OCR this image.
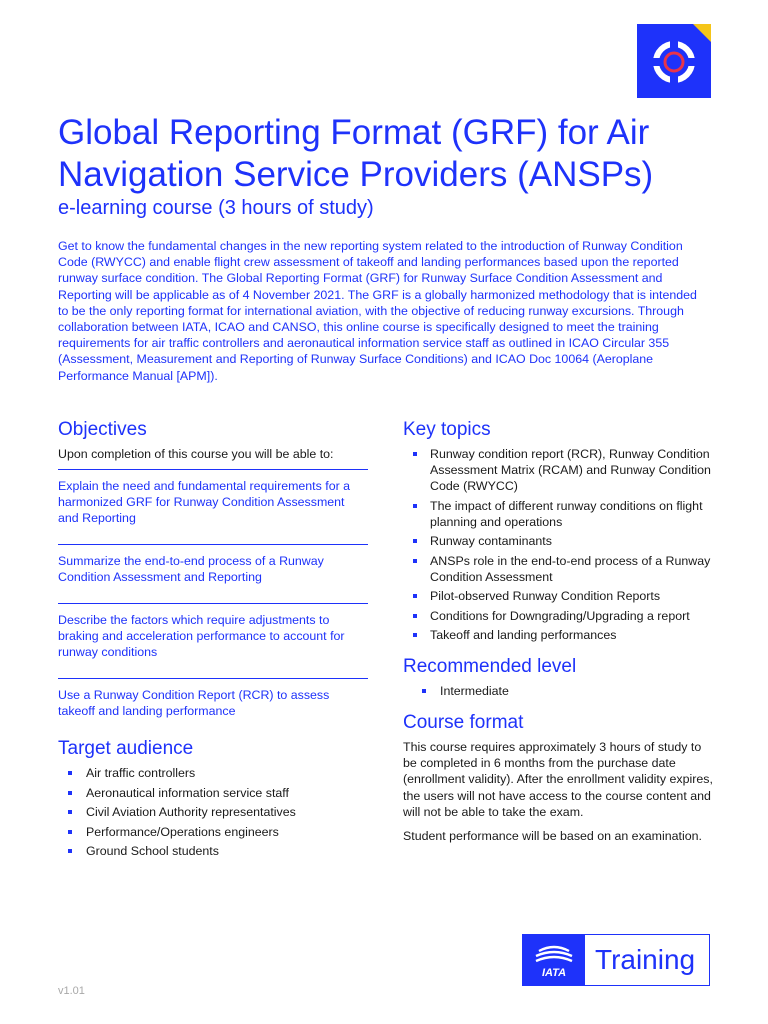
Global Reporting Format (GRF) for Air Navigation Service Providers (ANSPs)
e-learning course (3 hours of study)

Get to know the fundamental changes in the new reporting system related to the introduction of Runway Condition Code (RWYCC) and enable flight crew assessment of takeoff and landing performances based upon the reported runway surface condition. The Global Reporting Format (GRF) for Runway Surface Condition Assessment and Reporting will be applicable as of 4 November 2021. The GRF is a globally harmonized methodology that is intended to be the only reporting format for international aviation, with the objective of reducing runway excursions. Through collaboration between IATA, ICAO and CANSO, this online course is specifically designed to meet the training requirements for air traffic controllers and aeronautical information service staff as outlined in ICAO Circular 355 (Assessment, Measurement and Reporting of Runway Surface Conditions) and ICAO Doc 10064 (Aeroplane Performance Manual [APM]).

Objectives

Upon completion of this course you will be able to:

Explain the need and fundamental requirements for a harmonized GRF for Runway Condition Assessment and Reporting
Summarize the end-to-end process of a Runway Condition Assessment and Reporting
Describe the factors which require adjustments to braking and acceleration performance to account for runway conditions
Use a Runway Condition Report (RCR) to assess takeoff and landing performance
Target audience
Air traffic controllers
Aeronautical information service staff
Civil Aviation Authority representatives
Performance/Operations engineers
Ground School students
Key topics
Runway condition report (RCR), Runway Condition Assessment Matrix (RCAM) and Runway Condition Code (RWYCC)
The impact of different runway conditions on flight planning and operations
Runway contaminants
ANSPs role in the end-to-end process of a Runway Condition Assessment
Pilot-observed Runway Condition Reports
Conditions for Downgrading/Upgrading a report
Takeoff and landing performances
Recommended level
Intermediate
Course format

This course requires approximately 3 hours of study to be completed in 6 months from the purchase date (enrollment validity). After the enrollment validity expires, the users will not have access to the course content and will not be able to take the exam.

Student performance will be based on an examination.

IATA	Training
v1.01
